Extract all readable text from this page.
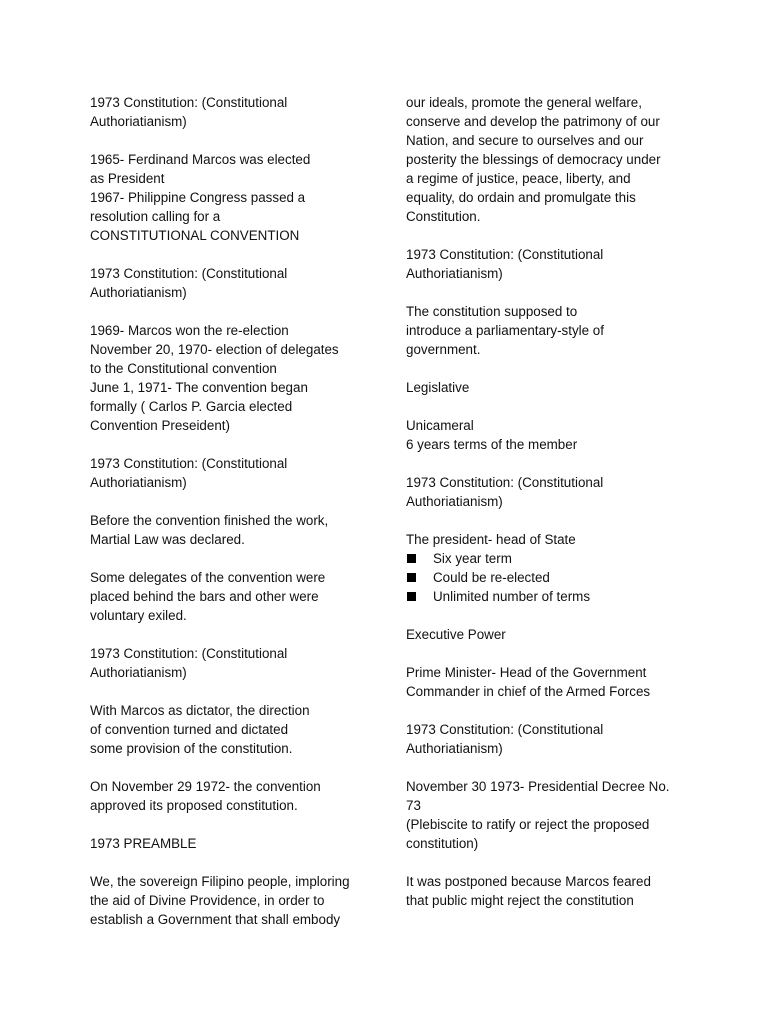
1973 Constitution: (Constitutional
Authoriatianism)

1965- Ferdinand Marcos was elected
as President
1967- Philippine Congress passed a
resolution calling for a
CONSTITUTIONAL CONVENTION

1973 Constitution: (Constitutional
Authoriatianism)

1969- Marcos won the re-election
November 20, 1970- election of delegates
to the Constitutional convention
June 1, 1971- The convention began
formally ( Carlos P. Garcia elected
Convention Preseident)

1973 Constitution: (Constitutional
Authoriatianism)

Before the convention finished the work,
Martial Law was declared.

Some delegates of the convention were
placed behind the bars and other were
voluntary exiled.

1973 Constitution: (Constitutional
Authoriatianism)

With Marcos as dictator, the direction
of convention turned and dictated
some provision of the constitution.

On November 29 1972- the convention
approved its proposed constitution.

1973 PREAMBLE

We, the sovereign Filipino people, imploring
the aid of Divine Providence, in order to
establish a Government that shall embody

our ideals, promote the general welfare,
conserve and develop the patrimony of our
Nation, and secure to ourselves and our
posterity the blessings of democracy under
a regime of justice, peace, liberty, and
equality, do ordain and promulgate this
Constitution.

1973 Constitution: (Constitutional
Authoriatianism)

The constitution supposed to
introduce a parliamentary-style of
government.

Legislative

Unicameral
6 years terms of the member

1973 Constitution: (Constitutional
Authoriatianism)

The president- head of State

Six year term
Could be re-elected
Unlimited number of terms

Executive Power

Prime Minister- Head of the Government
Commander in chief of the Armed Forces

1973 Constitution: (Constitutional
Authoriatianism)

November 30 1973- Presidential Decree No.
73
(Plebiscite to ratify or reject the proposed
constitution)

It was postponed because Marcos feared
that public might reject the constitution
